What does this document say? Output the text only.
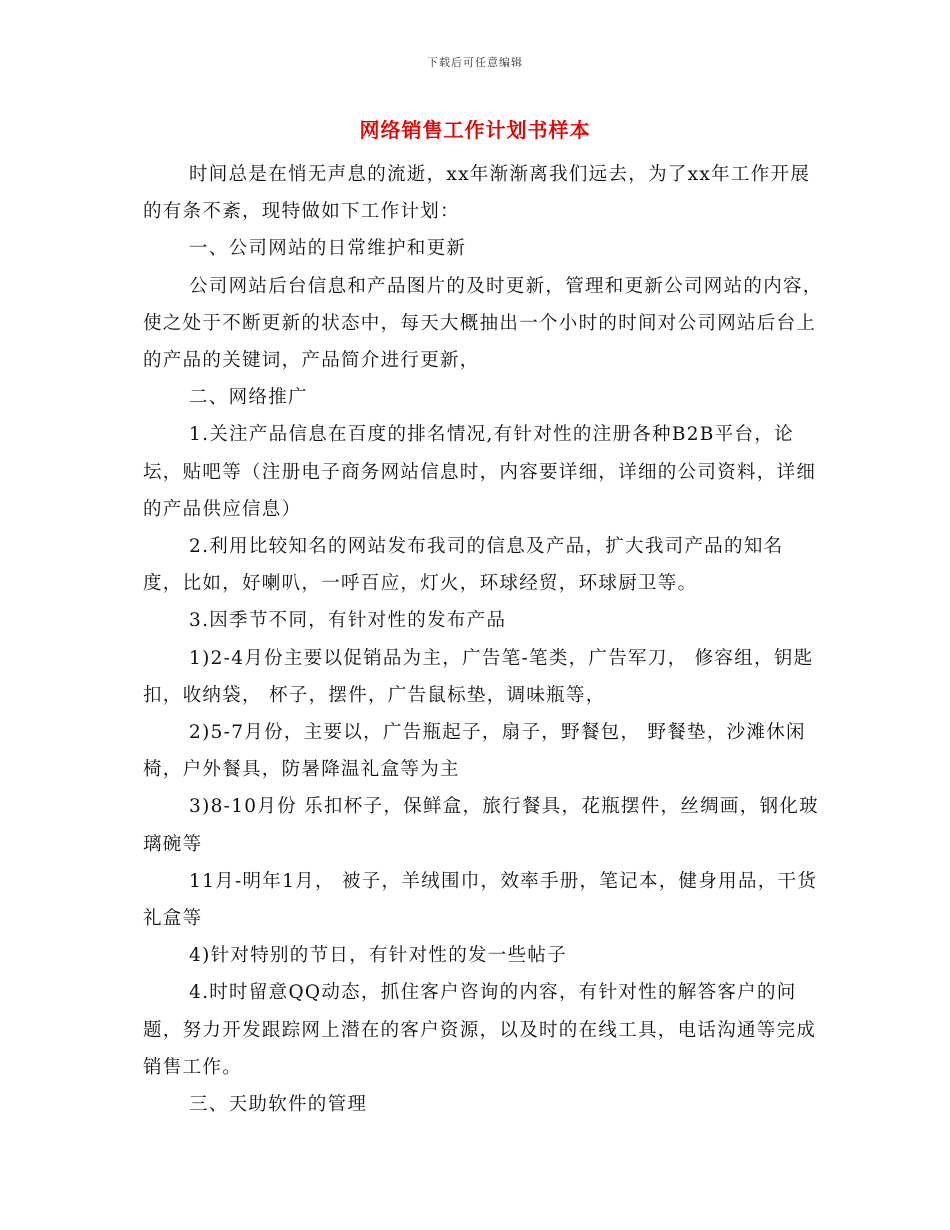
下载后可任意编辑
网络销售工作计划书样本

时间总是在悄无声息的流逝，xx年渐渐离我们远去，为了xx年工作开展的有条不紊，现特做如下工作计划：

一、公司网站的日常维护和更新

公司网站后台信息和产品图片的及时更新，管理和更新公司网站的内容，使之处于不断更新的状态中，每天大概抽出一个小时的时间对公司网站后台上的产品的关键词，产品简介进行更新，

二、网络推广

1.关注产品信息在百度的排名情况,有针对性的注册各种B2B平台，论坛，贴吧等（注册电子商务网站信息时，内容要详细，详细的公司资料，详细的产品供应信息）

2.利用比较知名的网站发布我司的信息及产品，扩大我司产品的知名度，比如，好喇叭，一呼百应，灯火，环球经贸，环球厨卫等。

3.因季节不同，有针对性的发布产品

1)2-4月份主要以促销品为主，广告笔-笔类，广告军刀， 修容组，钥匙扣，收纳袋， 杯子，摆件，广告鼠标垫，调味瓶等，

2)5-7月份，主要以，广告瓶起子，扇子，野餐包， 野餐垫，沙滩休闲椅，户外餐具，防暑降温礼盒等为主

3)8-10月份 乐扣杯子，保鲜盒，旅行餐具，花瓶摆件，丝绸画，钢化玻璃碗等

11月-明年1月， 被子，羊绒围巾，效率手册，笔记本，健身用品，干货礼盒等

4)针对特别的节日，有针对性的发一些帖子

4.时时留意QQ动态，抓住客户咨询的内容，有针对性的解答客户的问题，努力开发跟踪网上潜在的客户资源，以及时的在线工具，电话沟通等完成销售工作。

三、天助软件的管理
